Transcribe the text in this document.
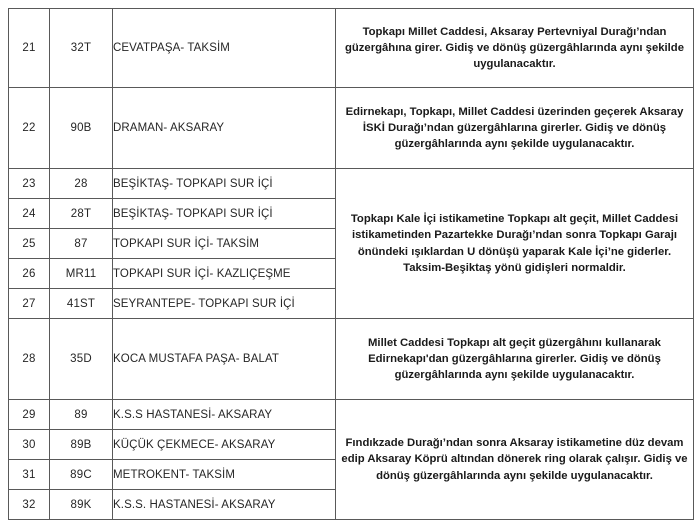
21	32T	CEVATPAŞA- TAKSİM	Topkapı Millet Caddesi, Aksaray Pertevniyal Durağı’ndan güzergâhına girer. Gidiş ve dönüş güzergâhlarında aynı şekilde uygulanacaktır.
22	90B	DRAMAN- AKSARAY	Edirnekapı, Topkapı, Millet Caddesi üzerinden geçerek Aksaray İSKİ Durağı’ndan güzergâhlarına girerler. Gidiş ve dönüş güzergâhlarında aynı şekilde uygulanacaktır.
23	28	BEŞİKTAŞ- TOPKAPI SUR İÇİ	Topkapı Kale İçi istikametine Topkapı alt geçit, Millet Caddesi istikametinden Pazartekke Durağı’ndan sonra Topkapı Garajı önündeki ışıklardan U dönüşü yaparak Kale İçi’ne giderler. Taksim-Beşiktaş yönü gidişleri normaldir.
24	28T	BEŞİKTAŞ- TOPKAPI SUR İÇİ	
25	87	TOPKAPI SUR İÇİ- TAKSİM	
26	MR11	TOPKAPI SUR İÇİ- KAZLIÇEŞME	
27	41ST	SEYRANTEPE- TOPKAPI SUR İÇİ	
28	35D	KOCA MUSTAFA PAŞA- BALAT	Millet Caddesi Topkapı alt geçit güzergâhını kullanarak Edirnekapı'dan güzergâhlarına girerler. Gidiş ve dönüş güzergâhlarında aynı şekilde uygulanacaktır.
29	89	K.S.S HASTANESİ- AKSARAY	Fındıkzade Durağı’ndan sonra Aksaray istikametine düz devam edip Aksaray Köprü altından dönerek ring olarak çalışır. Gidiş ve dönüş güzergâhlarında aynı şekilde uygulanacaktır.
30	89B	KÜÇÜK ÇEKMECE- AKSARAY	
31	89C	METROKENT- TAKSİM	
32	89K	K.S.S. HASTANESİ- AKSARAY	
